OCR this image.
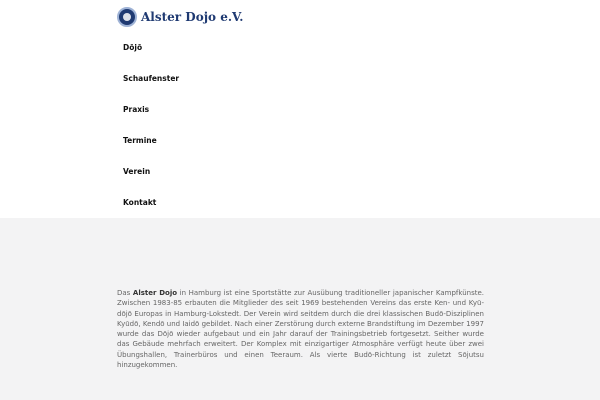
Alster Dojo e.V.
Dōjō
Schaufenster
Praxis
Termine
Verein
Kontakt

Das Alster Dojo in Hamburg ist eine Sportstätte zur Ausübung traditioneller japanischer Kampfkünste. Zwischen 1983-85 erbauten die Mitglieder des seit 1969 bestehenden Vereins das erste Ken- und Kyū-dōjō Europas in Hamburg-Lokstedt. Der Verein wird seitdem durch die drei klassischen Budō-Disziplinen Kyūdō, Kendō und Iaidō gebildet. Nach einer Zerstörung durch externe Brandstiftung im Dezember 1997 wurde das Dōjō wieder aufgebaut und ein Jahr darauf der Trainingsbetrieb fortgesetzt. Seither wurde das Gebäude mehrfach erweitert. Der Komplex mit einzigartiger Atmosphäre verfügt heute über zwei Übungshallen, Trainerbüros und einen Teeraum. Als vierte Budō-Richtung ist zuletzt Sōjutsu hinzugekommen.
